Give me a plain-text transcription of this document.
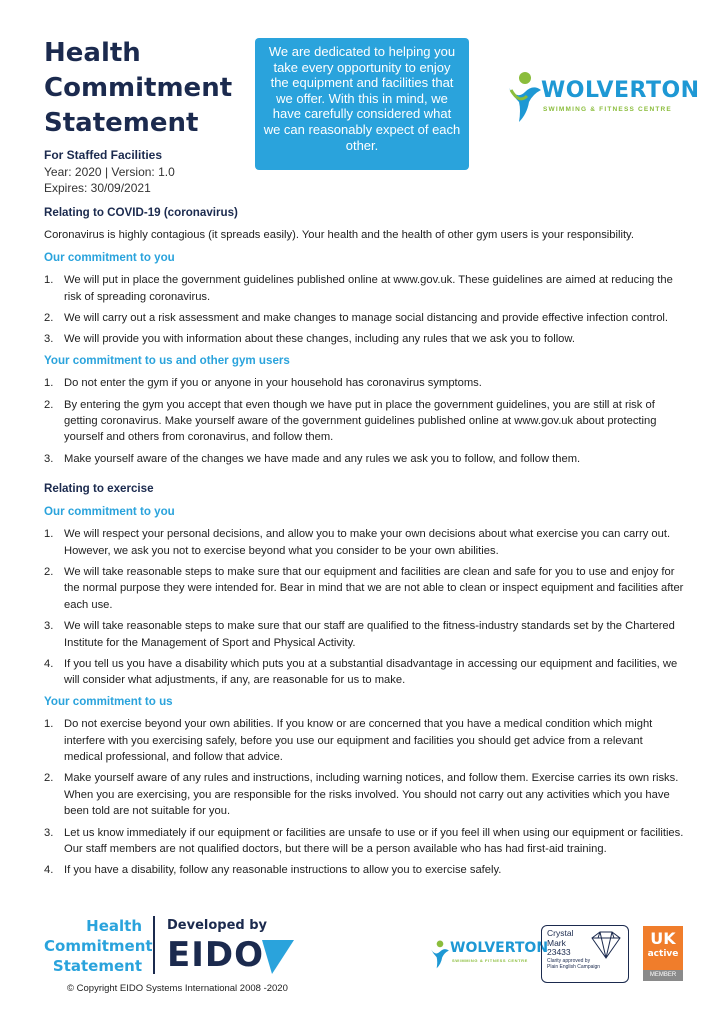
Health
Commitment
Statement
For Staffed Facilities
Year: 2020 | Version: 1.0
Expires: 30/09/2021
We are dedicated to helping you take every opportunity to enjoy the equipment and facilities that we offer. With this in mind, we have carefully considered what we can reasonably expect of each other.
WOLVERTON
SWIMMING & FITNESS CENTRE
Relating to COVID-19 (coronavirus)

Coronavirus is highly contagious (it spreads easily). Your health and the health of other gym users is your responsibility.

Our commitment to you
1. We will put in place the government guidelines published online at www.gov.uk. These guidelines are aimed at reducing the risk of spreading coronavirus.
2. We will carry out a risk assessment and make changes to manage social distancing and provide effective infection control.
3. We will provide you with information about these changes, including any rules that we ask you to follow.
Your commitment to us and other gym users
1. Do not enter the gym if you or anyone in your household has coronavirus symptoms.
2. By entering the gym you accept that even though we have put in place the government guidelines, you are still at risk of getting coronavirus. Make yourself aware of the government guidelines published online at www.gov.uk about protecting yourself and others from coronavirus, and follow them.
3. Make yourself aware of the changes we have made and any rules we ask you to follow, and follow them.
Relating to exercise
Our commitment to you
1. We will respect your personal decisions, and allow you to make your own decisions about what exercise you can carry out. However, we ask you not to exercise beyond what you consider to be your own abilities.
2. We will take reasonable steps to make sure that our equipment and facilities are clean and safe for you to use and enjoy for the normal purpose they were intended for. Bear in mind that we are not able to clean or inspect equipment and facilities after each use.
3. We will take reasonable steps to make sure that our staff are qualified to the fitness-industry standards set by the Chartered Institute for the Management of Sport and Physical Activity.
4. If you tell us you have a disability which puts you at a substantial disadvantage in accessing our equipment and facilities, we will consider what adjustments, if any, are reasonable for us to make.
Your commitment to us
1. Do not exercise beyond your own abilities. If you know or are concerned that you have a medical condition which might interfere with you exercising safely, before you use our equipment and facilities you should get advice from a relevant medical professional, and follow that advice.
2. Make yourself aware of any rules and instructions, including warning notices, and follow them. Exercise carries its own risks. When you are exercising, you are responsible for the risks involved. You should not carry out any activities which you have been told are not suitable for you.
3. Let us know immediately if our equipment or facilities are unsafe to use or if you feel ill when using our equipment or facilities. Our staff members are not qualified doctors, but there will be a person available who has had first-aid training.
4. If you have a disability, follow any reasonable instructions to allow you to exercise safely.
Health
Commitment
Statement
Developed by
EIDO
© Copyright EIDO Systems International 2008 -2020
WOLVERTON
SWIMMING & FITNESS CENTRE
Crystal
Mark
23433
Clarity approved by
Plain English Campaign
UK
active
MEMBER
